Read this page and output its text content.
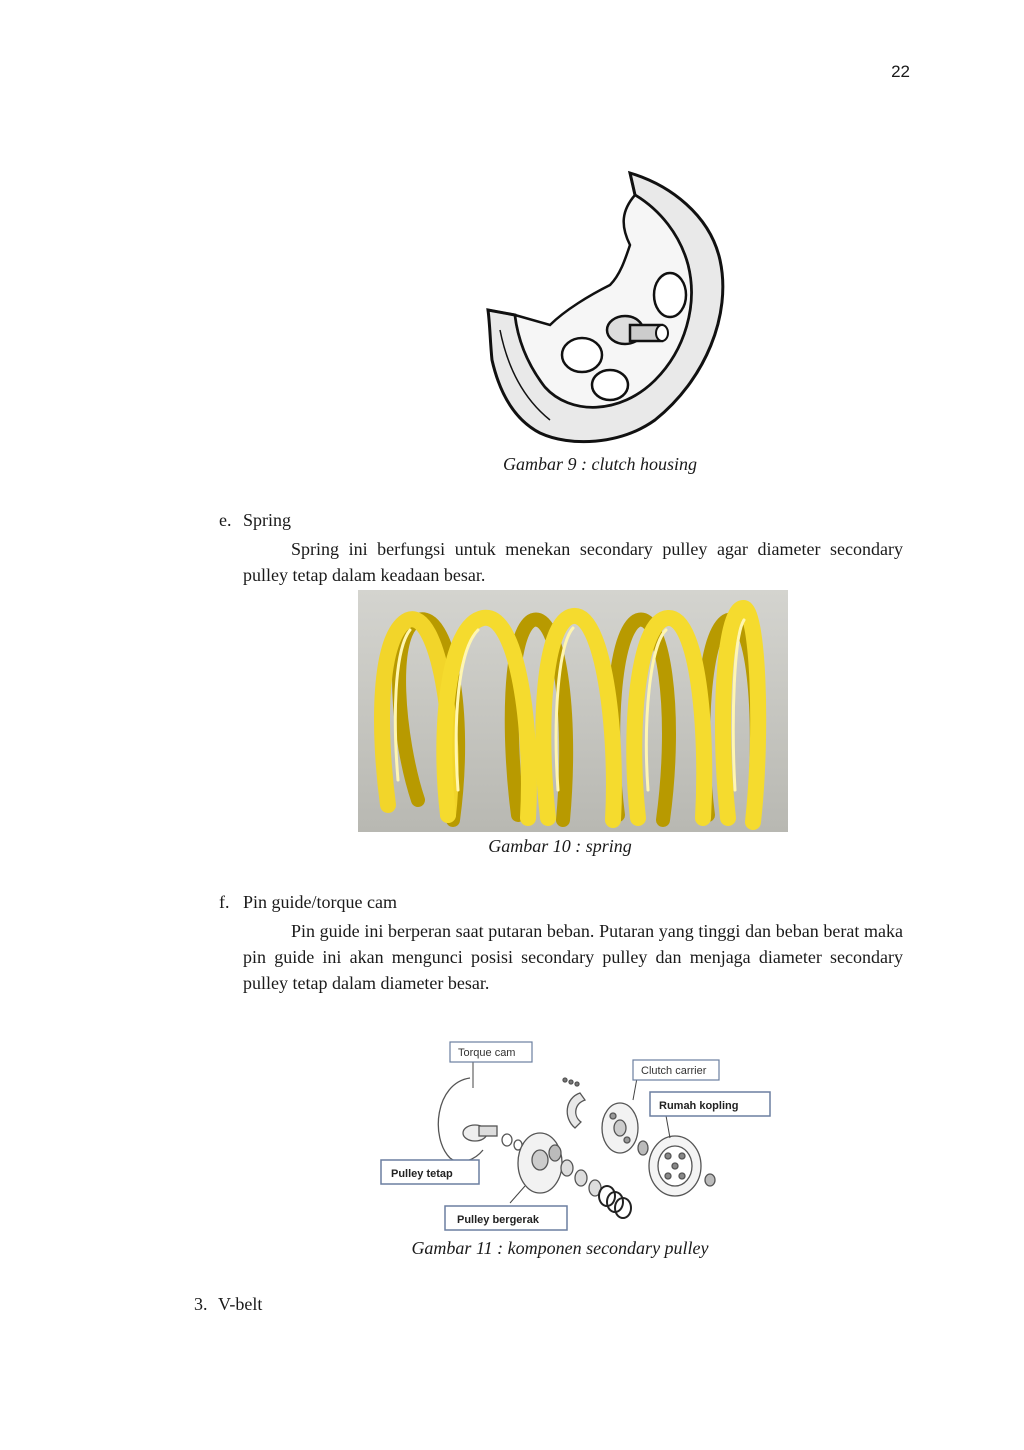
22
Gambar 9 : clutch housing
e. Spring
Spring ini berfungsi untuk menekan secondary pulley agar diameter secondary pulley tetap dalam keadaan besar.
Gambar 10 : spring
f. Pin guide/torque cam
Pin guide ini berperan saat putaran beban. Putaran yang tinggi dan beban berat maka pin guide ini akan mengunci posisi secondary pulley dan menjaga diameter secondary pulley tetap dalam diameter besar.
Torque cam
Clutch carrier
Rumah kopling
Pulley tetap
Pulley bergerak
Gambar 11 : komponen secondary pulley
3. V-belt
